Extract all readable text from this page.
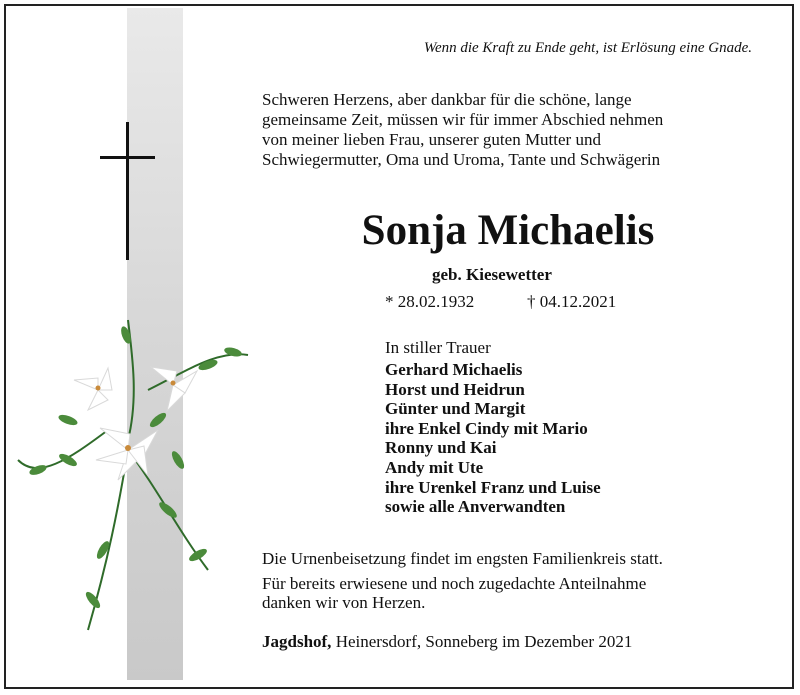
Wenn die Kraft zu Ende geht, ist Erlösung eine Gnade.
Schweren Herzens, aber dankbar für die schöne, lange
gemeinsame Zeit, müssen wir für immer Abschied nehmen
von meiner lieben Frau, unserer guten Mutter und
Schwiegermutter, Oma und Uroma, Tante und Schwägerin
Sonja Michaelis
geb. Kiesewetter
* 28.02.1932	† 04.12.2021
In stiller Trauer
Gerhard Michaelis
Horst und Heidrun
Günter und Margit
ihre Enkel Cindy mit Mario
Ronny und Kai
Andy mit Ute
ihre Urenkel Franz und Luise
sowie alle Anverwandten
Die Urnenbeisetzung findet im engsten Familienkreis statt.
Für bereits erwiesene und noch zugedachte Anteilnahme
danken wir von Herzen.
Jagdshof, Heinersdorf, Sonneberg im Dezember 2021
